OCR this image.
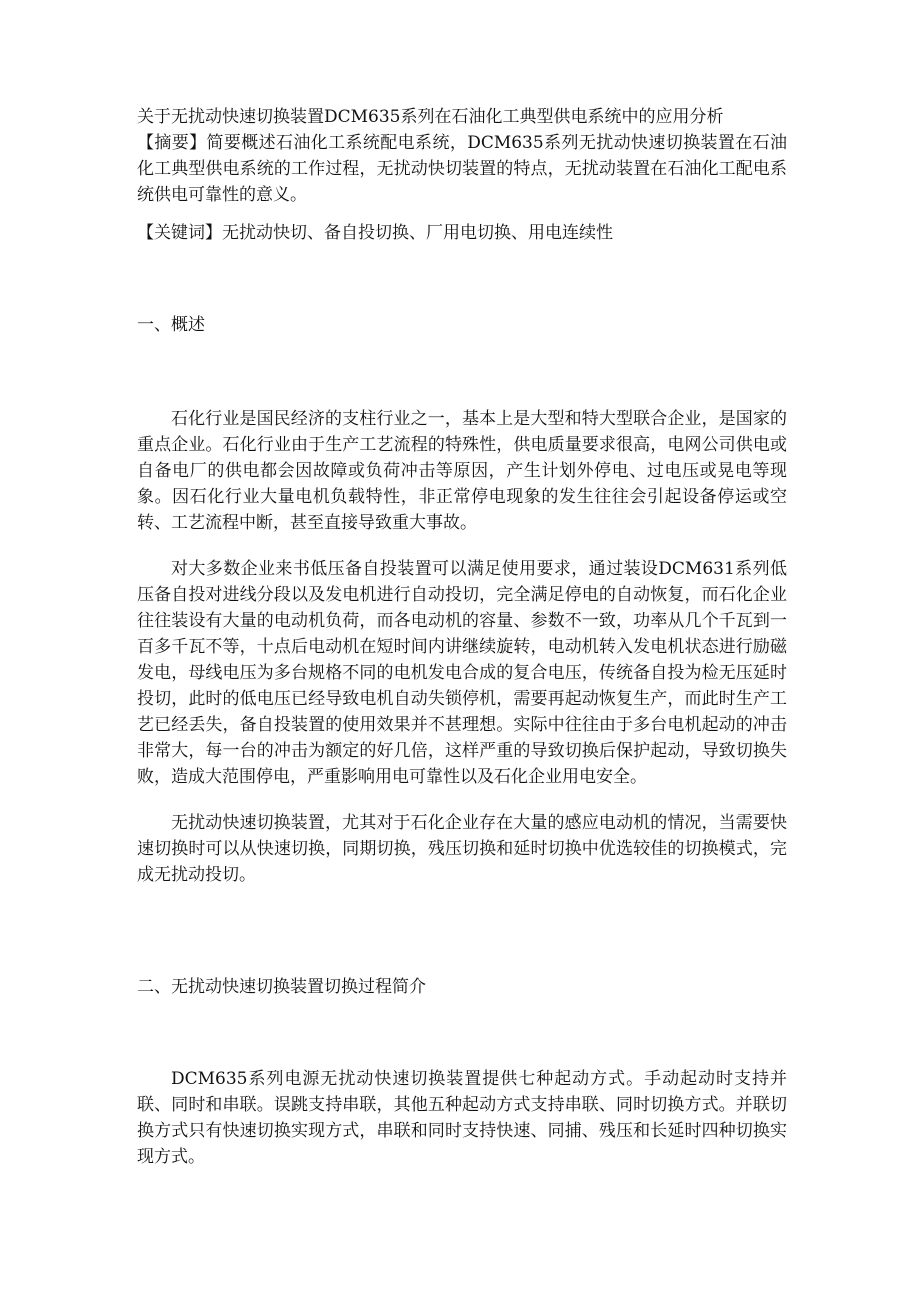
关于无扰动快速切换装置DCM635系列在石油化工典型供电系统中的应用分析

【摘要】简要概述石油化工系统配电系统，DCM635系列无扰动快速切换装置在石油化工典型供电系统的工作过程，无扰动快切装置的特点，无扰动装置在石油化工配电系统供电可靠性的意义。

【关键词】无扰动快切、备自投切换、厂用电切换、用电连续性

一、概述

石化行业是国民经济的支柱行业之一，基本上是大型和特大型联合企业，是国家的重点企业。石化行业由于生产工艺流程的特殊性，供电质量要求很高，电网公司供电或自备电厂的供电都会因故障或负荷冲击等原因，产生计划外停电、过电压或晃电等现象。因石化行业大量电机负载特性，非正常停电现象的发生往往会引起设备停运或空转、工艺流程中断，甚至直接导致重大事故。

对大多数企业来书低压备自投装置可以满足使用要求，通过装设DCM631系列低压备自投对进线分段以及发电机进行自动投切，完全满足停电的自动恢复，而石化企业往往装设有大量的电动机负荷，而各电动机的容量、参数不一致，功率从几个千瓦到一百多千瓦不等，十点后电动机在短时间内讲继续旋转，电动机转入发电机状态进行励磁发电，母线电压为多台规格不同的电机发电合成的复合电压，传统备自投为检无压延时投切，此时的低电压已经导致电机自动失锁停机，需要再起动恢复生产，而此时生产工艺已经丢失，备自投装置的使用效果并不甚理想。实际中往往由于多台电机起动的冲击非常大，每一台的冲击为额定的好几倍，这样严重的导致切换后保护起动，导致切换失败，造成大范围停电，严重影响用电可靠性以及石化企业用电安全。

无扰动快速切换装置，尤其对于石化企业存在大量的感应电动机的情况，当需要快速切换时可以从快速切换，同期切换，残压切换和延时切换中优选较佳的切换模式，完成无扰动投切。

二、无扰动快速切换装置切换过程简介

DCM635系列电源无扰动快速切换装置提供七种起动方式。手动起动时支持并联、同时和串联。误跳支持串联，其他五种起动方式支持串联、同时切换方式。并联切换方式只有快速切换实现方式，串联和同时支持快速、同捕、残压和长延时四种切换实现方式。
